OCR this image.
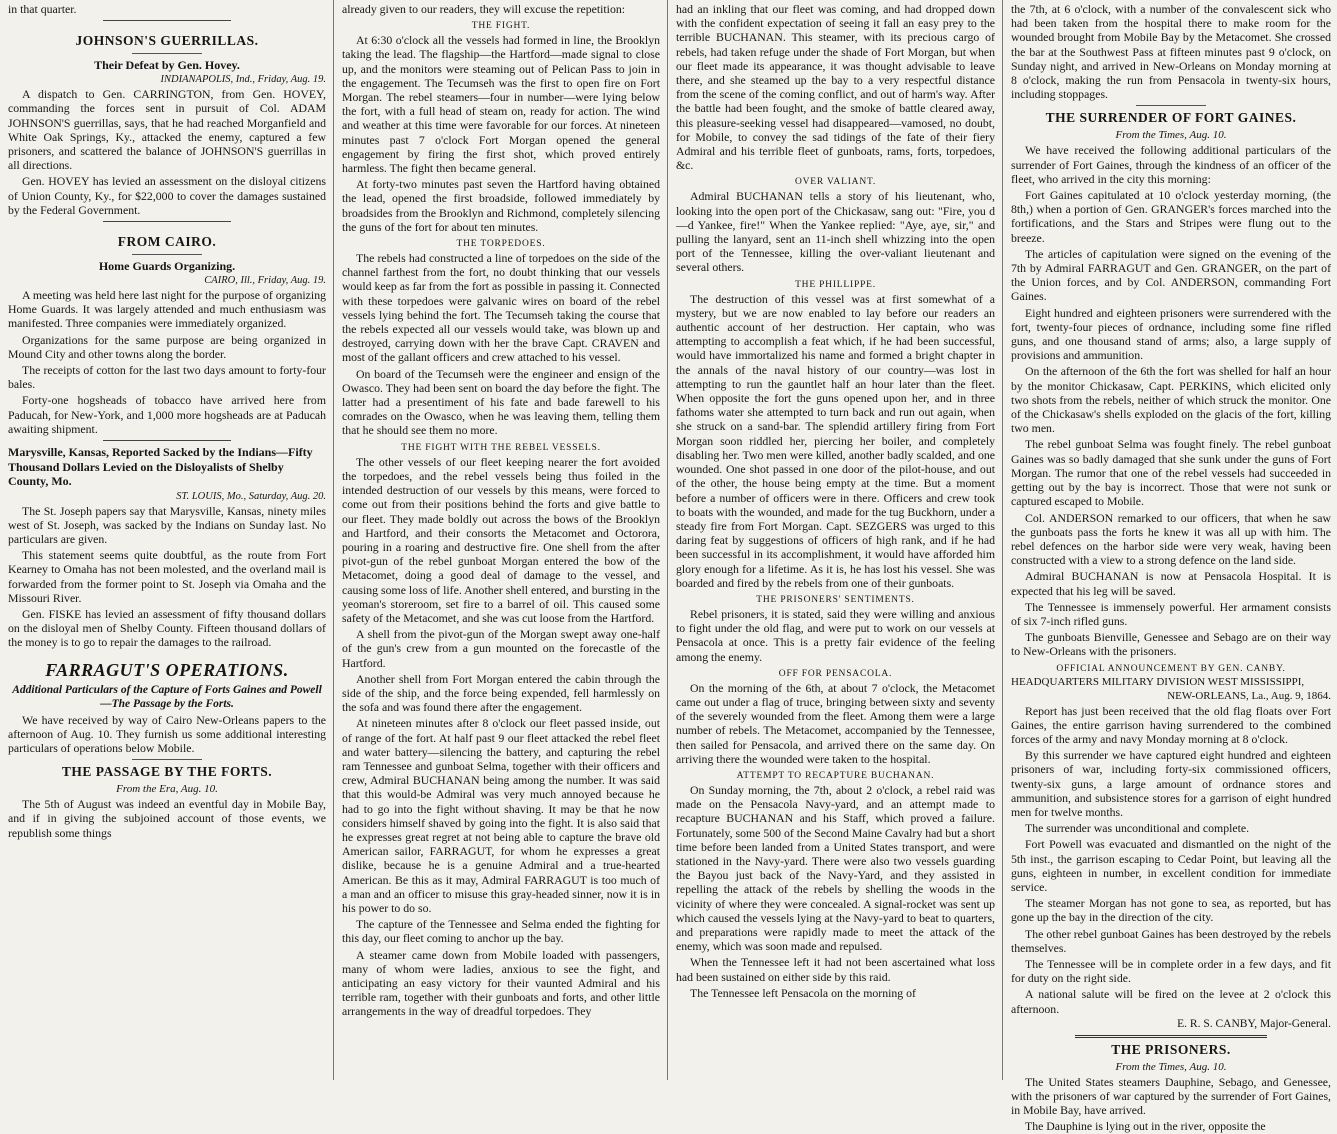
in that quarter.

JOHNSON'S GUERRILLAS.
Their Defeat by Gen. Hovey.
INDIANAPOLIS, Ind., Friday, Aug. 19.

A dispatch to Gen. CARRINGTON, from Gen. HOVEY, commanding the forces sent in pursuit of Col. ADAM JOHNSON'S guerrillas, says, that he had reached Morganfield and White Oak Springs, Ky., attacked the enemy, captured a few prisoners, and scattered the balance of JOHNSON'S guerrillas in all directions.

Gen. HOVEY has levied an assessment on the disloyal citizens of Union County, Ky., for $22,000 to cover the damages sustained by the Federal Government.

FROM CAIRO.
Home Guards Organizing.
CAIRO, Ill., Friday, Aug. 19.

A meeting was held here last night for the purpose of organizing Home Guards. It was largely attended and much enthusiasm was manifested. Three companies were immediately organized.

Organizations for the same purpose are being organized in Mound City and other towns along the border.

The receipts of cotton for the last two days amount to forty-four bales.

Forty-one hogsheads of tobacco have arrived here from Paducah, for New-York, and 1,000 more hogsheads are at Paducah awaiting shipment.

Marysville, Kansas, Reported Sacked by the Indians—Fifty Thousand Dollars Levied on the Disloyalists of Shelby County, Mo.
ST. LOUIS, Mo., Saturday, Aug. 20.

The St. Joseph papers say that Marysville, Kansas, ninety miles west of St. Joseph, was sacked by the Indians on Sunday last. No particulars are given.

This statement seems quite doubtful, as the route from Fort Kearney to Omaha has not been molested, and the overland mail is forwarded from the former point to St. Joseph via Omaha and the Missouri River.

Gen. FISKE has levied an assessment of fifty thousand dollars on the disloyal men of Shelby County. Fifteen thousand dollars of the money is to go to repair the damages to the railroad.

FARRAGUT'S OPERATIONS.
Additional Particulars of the Capture of Forts Gaines and Powell—The Passage by the Forts.

We have received by way of Cairo New-Orleans papers to the afternoon of Aug. 10. They furnish us some additional interesting particulars of operations below Mobile.

THE PASSAGE BY THE FORTS.
From the Era, Aug. 10.

The 5th of August was indeed an eventful day in Mobile Bay, and if in giving the subjoined account of those events, we republish some things

already given to our readers, they will excuse the repetition:

THE FIGHT.

At 6:30 o'clock all the vessels had formed in line, the Brooklyn taking the lead. The flagship—the Hartford—made signal to close up, and the monitors were steaming out of Pelican Pass to join in the engagement. The Tecumseh was the first to open fire on Fort Morgan. The rebel steamers—four in number—were lying below the fort, with a full head of steam on, ready for action. The wind and weather at this time were favorable for our forces. At nineteen minutes past 7 o'clock Fort Morgan opened the general engagement by firing the first shot, which proved entirely harmless. The fight then became general.

At forty-two minutes past seven the Hartford having obtained the lead, opened the first broadside, followed immediately by broadsides from the Brooklyn and Richmond, completely silencing the guns of the fort for about ten minutes.

THE TORPEDOES.

The rebels had constructed a line of torpedoes on the side of the channel farthest from the fort, no doubt thinking that our vessels would keep as far from the fort as possible in passing it. Connected with these torpedoes were galvanic wires on board of the rebel vessels lying behind the fort. The Tecumseh taking the course that the rebels expected all our vessels would take, was blown up and destroyed, carrying down with her the brave Capt. CRAVEN and most of the gallant officers and crew attached to his vessel.

On board of the Tecumseh were the engineer and ensign of the Owasco. They had been sent on board the day before the fight. The latter had a presentiment of his fate and bade farewell to his comrades on the Owasco, when he was leaving them, telling them that he should see them no more.

THE FIGHT WITH THE REBEL VESSELS.

The other vessels of our fleet keeping nearer the fort avoided the torpedoes, and the rebel vessels being thus foiled in the intended destruction of our vessels by this means, were forced to come out from their positions behind the forts and give battle to our fleet. They made boldly out across the bows of the Brooklyn and Hartford, and their consorts the Metacomet and Octorora, pouring in a roaring and destructive fire. One shell from the after pivot-gun of the rebel gunboat Morgan entered the bow of the Metacomet, doing a good deal of damage to the vessel, and causing some loss of life. Another shell entered, and bursting in the yeoman's storeroom, set fire to a barrel of oil. This caused some safety of the Metacomet, and she was cut loose from the Hartford.

A shell from the pivot-gun of the Morgan swept away one-half of the gun's crew from a gun mounted on the forecastle of the Hartford.

Another shell from Fort Morgan entered the cabin through the side of the ship, and the force being expended, fell harmlessly on the sofa and was found there after the engagement.

At nineteen minutes after 8 o'clock our fleet passed inside, out of range of the fort. At half past 9 our fleet attacked the rebel fleet and water battery—silencing the battery, and capturing the rebel ram Tennessee and gunboat Selma, together with their officers and crew, Admiral BUCHANAN being among the number. It was said that this would-be Admiral was very much annoyed because he had to go into the fight without shaving. It may be that he now considers himself shaved by going into the fight. It is also said that he expresses great regret at not being able to capture the brave old American sailor, FARRAGUT, for whom he expresses a great dislike, because he is a genuine Admiral and a true-hearted American. Be this as it may, Admiral FARRAGUT is too much of a man and an officer to misuse this gray-headed sinner, now it is in his power to do so.

The capture of the Tennessee and Selma ended the fighting for this day, our fleet coming to anchor up the bay.

A steamer came down from Mobile loaded with passengers, many of whom were ladies, anxious to see the fight, and anticipating an easy victory for their vaunted Admiral and his terrible ram, together with their gunboats and forts, and other little arrangements in the way of dreadful torpedoes. They

had an inkling that our fleet was coming, and had dropped down with the confident expectation of seeing it fall an easy prey to the terrible BUCHANAN. This steamer, with its precious cargo of rebels, had taken refuge under the shade of Fort Morgan, but when our fleet made its appearance, it was thought advisable to leave there, and she steamed up the bay to a very respectful distance from the scene of the coming conflict, and out of harm's way. After the battle had been fought, and the smoke of battle cleared away, this pleasure-seeking vessel had disappeared—vamosed, no doubt, for Mobile, to convey the sad tidings of the fate of their fiery Admiral and his terrible fleet of gunboats, rams, forts, torpedoes, &c.

OVER VALIANT.

Admiral BUCHANAN tells a story of his lieutenant, who, looking into the open port of the Chickasaw, sang out: "Fire, you d—d Yankee, fire!" When the Yankee replied: "Aye, aye, sir," and pulling the lanyard, sent an 11-inch shell whizzing into the open port of the Tennessee, killing the over-valiant lieutenant and several others.

THE PHILLIPPE.

The destruction of this vessel was at first somewhat of a mystery, but we are now enabled to lay before our readers an authentic account of her destruction. Her captain, who was attempting to accomplish a feat which, if he had been successful, would have immortalized his name and formed a bright chapter in the annals of the naval history of our country—was lost in attempting to run the gauntlet half an hour later than the fleet. When opposite the fort the guns opened upon her, and in three fathoms water she attempted to turn back and run out again, when she struck on a sand-bar. The splendid artillery firing from Fort Morgan soon riddled her, piercing her boiler, and completely disabling her. Two men were killed, another badly scalded, and one wounded. One shot passed in one door of the pilot-house, and out of the other, the house being empty at the time. But a moment before a number of officers were in there. Officers and crew took to boats with the wounded, and made for the tug Buckhorn, under a steady fire from Fort Morgan. Capt. SEZGERS was urged to this daring feat by suggestions of officers of high rank, and if he had been successful in its accomplishment, it would have afforded him glory enough for a lifetime. As it is, he has lost his vessel. She was boarded and fired by the rebels from one of their gunboats.

THE PRISONERS' SENTIMENTS.

Rebel prisoners, it is stated, said they were willing and anxious to fight under the old flag, and were put to work on our vessels at Pensacola at once. This is a pretty fair evidence of the feeling among the enemy.

OFF FOR PENSACOLA.

On the morning of the 6th, at about 7 o'clock, the Metacomet came out under a flag of truce, bringing between sixty and seventy of the severely wounded from the fleet. Among them were a large number of rebels. The Metacomet, accompanied by the Tennessee, then sailed for Pensacola, and arrived there on the same day. On arriving there the wounded were taken to the hospital.

ATTEMPT TO RECAPTURE BUCHANAN.

On Sunday morning, the 7th, about 2 o'clock, a rebel raid was made on the Pensacola Navy-yard, and an attempt made to recapture BUCHANAN and his Staff, which proved a failure. Fortunately, some 500 of the Second Maine Cavalry had but a short time before been landed from a United States transport, and were stationed in the Navy-yard. There were also two vessels guarding the Bayou just back of the Navy-Yard, and they assisted in repelling the attack of the rebels by shelling the woods in the vicinity of where they were concealed. A signal-rocket was sent up which caused the vessels lying at the Navy-yard to beat to quarters, and preparations were rapidly made to meet the attack of the enemy, which was soon made and repulsed.

When the Tennessee left it had not been ascertained what loss had been sustained on either side by this raid.

The Tennessee left Pensacola on the morning of

the 7th, at 6 o'clock, with a number of the convalescent sick who had been taken from the hospital there to make room for the wounded brought from Mobile Bay by the Metacomet. She crossed the bar at the Southwest Pass at fifteen minutes past 9 o'clock, on Sunday night, and arrived in New-Orleans on Monday morning at 8 o'clock, making the run from Pensacola in twenty-six hours, including stoppages.

THE SURRENDER OF FORT GAINES.
From the Times, Aug. 10.

We have received the following additional particulars of the surrender of Fort Gaines, through the kindness of an officer of the fleet, who arrived in the city this morning:

Fort Gaines capitulated at 10 o'clock yesterday morning, (the 8th,) when a portion of Gen. GRANGER's forces marched into the fortifications, and the Stars and Stripes were flung out to the breeze.

The articles of capitulation were signed on the evening of the 7th by Admiral FARRAGUT and Gen. GRANGER, on the part of the Union forces, and by Col. ANDERSON, commanding Fort Gaines.

Eight hundred and eighteen prisoners were surrendered with the fort, twenty-four pieces of ordnance, including some fine rifled guns, and one thousand stand of arms; also, a large supply of provisions and ammunition.

On the afternoon of the 6th the fort was shelled for half an hour by the monitor Chickasaw, Capt. PERKINS, which elicited only two shots from the rebels, neither of which struck the monitor. One of the Chickasaw's shells exploded on the glacis of the fort, killing two men.

The rebel gunboat Selma was fought finely. The rebel gunboat Gaines was so badly damaged that she sunk under the guns of Fort Morgan. The rumor that one of the rebel vessels had succeeded in getting out by the bay is incorrect. Those that were not sunk or captured escaped to Mobile.

Col. ANDERSON remarked to our officers, that when he saw the gunboats pass the forts he knew it was all up with him. The rebel defences on the harbor side were very weak, having been constructed with a view to a strong defence on the land side.

Admiral BUCHANAN is now at Pensacola Hospital. It is expected that his leg will be saved.

The Tennessee is immensely powerful. Her armament consists of six 7-inch rifled guns.

The gunboats Bienville, Genessee and Sebago are on their way to New-Orleans with the prisoners.

OFFICIAL ANNOUNCEMENT BY GEN. CANBY.
HEADQUARTERS MILITARY DIVISION WEST MISSISSIPPI,
NEW-ORLEANS, La., Aug. 9, 1864.

Report has just been received that the old flag floats over Fort Gaines, the entire garrison having surrendered to the combined forces of the army and navy Monday morning at 8 o'clock.

By this surrender we have captured eight hundred and eighteen prisoners of war, including forty-six commissioned officers, twenty-six guns, a large amount of ordnance stores and ammunition, and subsistence stores for a garrison of eight hundred men for twelve months.

The surrender was unconditional and complete.

Fort Powell was evacuated and dismantled on the night of the 5th inst., the garrison escaping to Cedar Point, but leaving all the guns, eighteen in number, in excellent condition for immediate service.

The steamer Morgan has not gone to sea, as reported, but has gone up the bay in the direction of the city.

The other rebel gunboat Gaines has been destroyed by the rebels themselves.

The Tennessee will be in complete order in a few days, and fit for duty on the right side.

A national salute will be fired on the levee at 2 o'clock this afternoon.

E. R. S. CANBY, Major-General.
THE PRISONERS.
From the Times, Aug. 10.

The United States steamers Dauphine, Sebago, and Genessee, with the prisoners of war captured by the surrender of Fort Gaines, in Mobile Bay, have arrived.

The Dauphine is lying out in the river, opposite the
